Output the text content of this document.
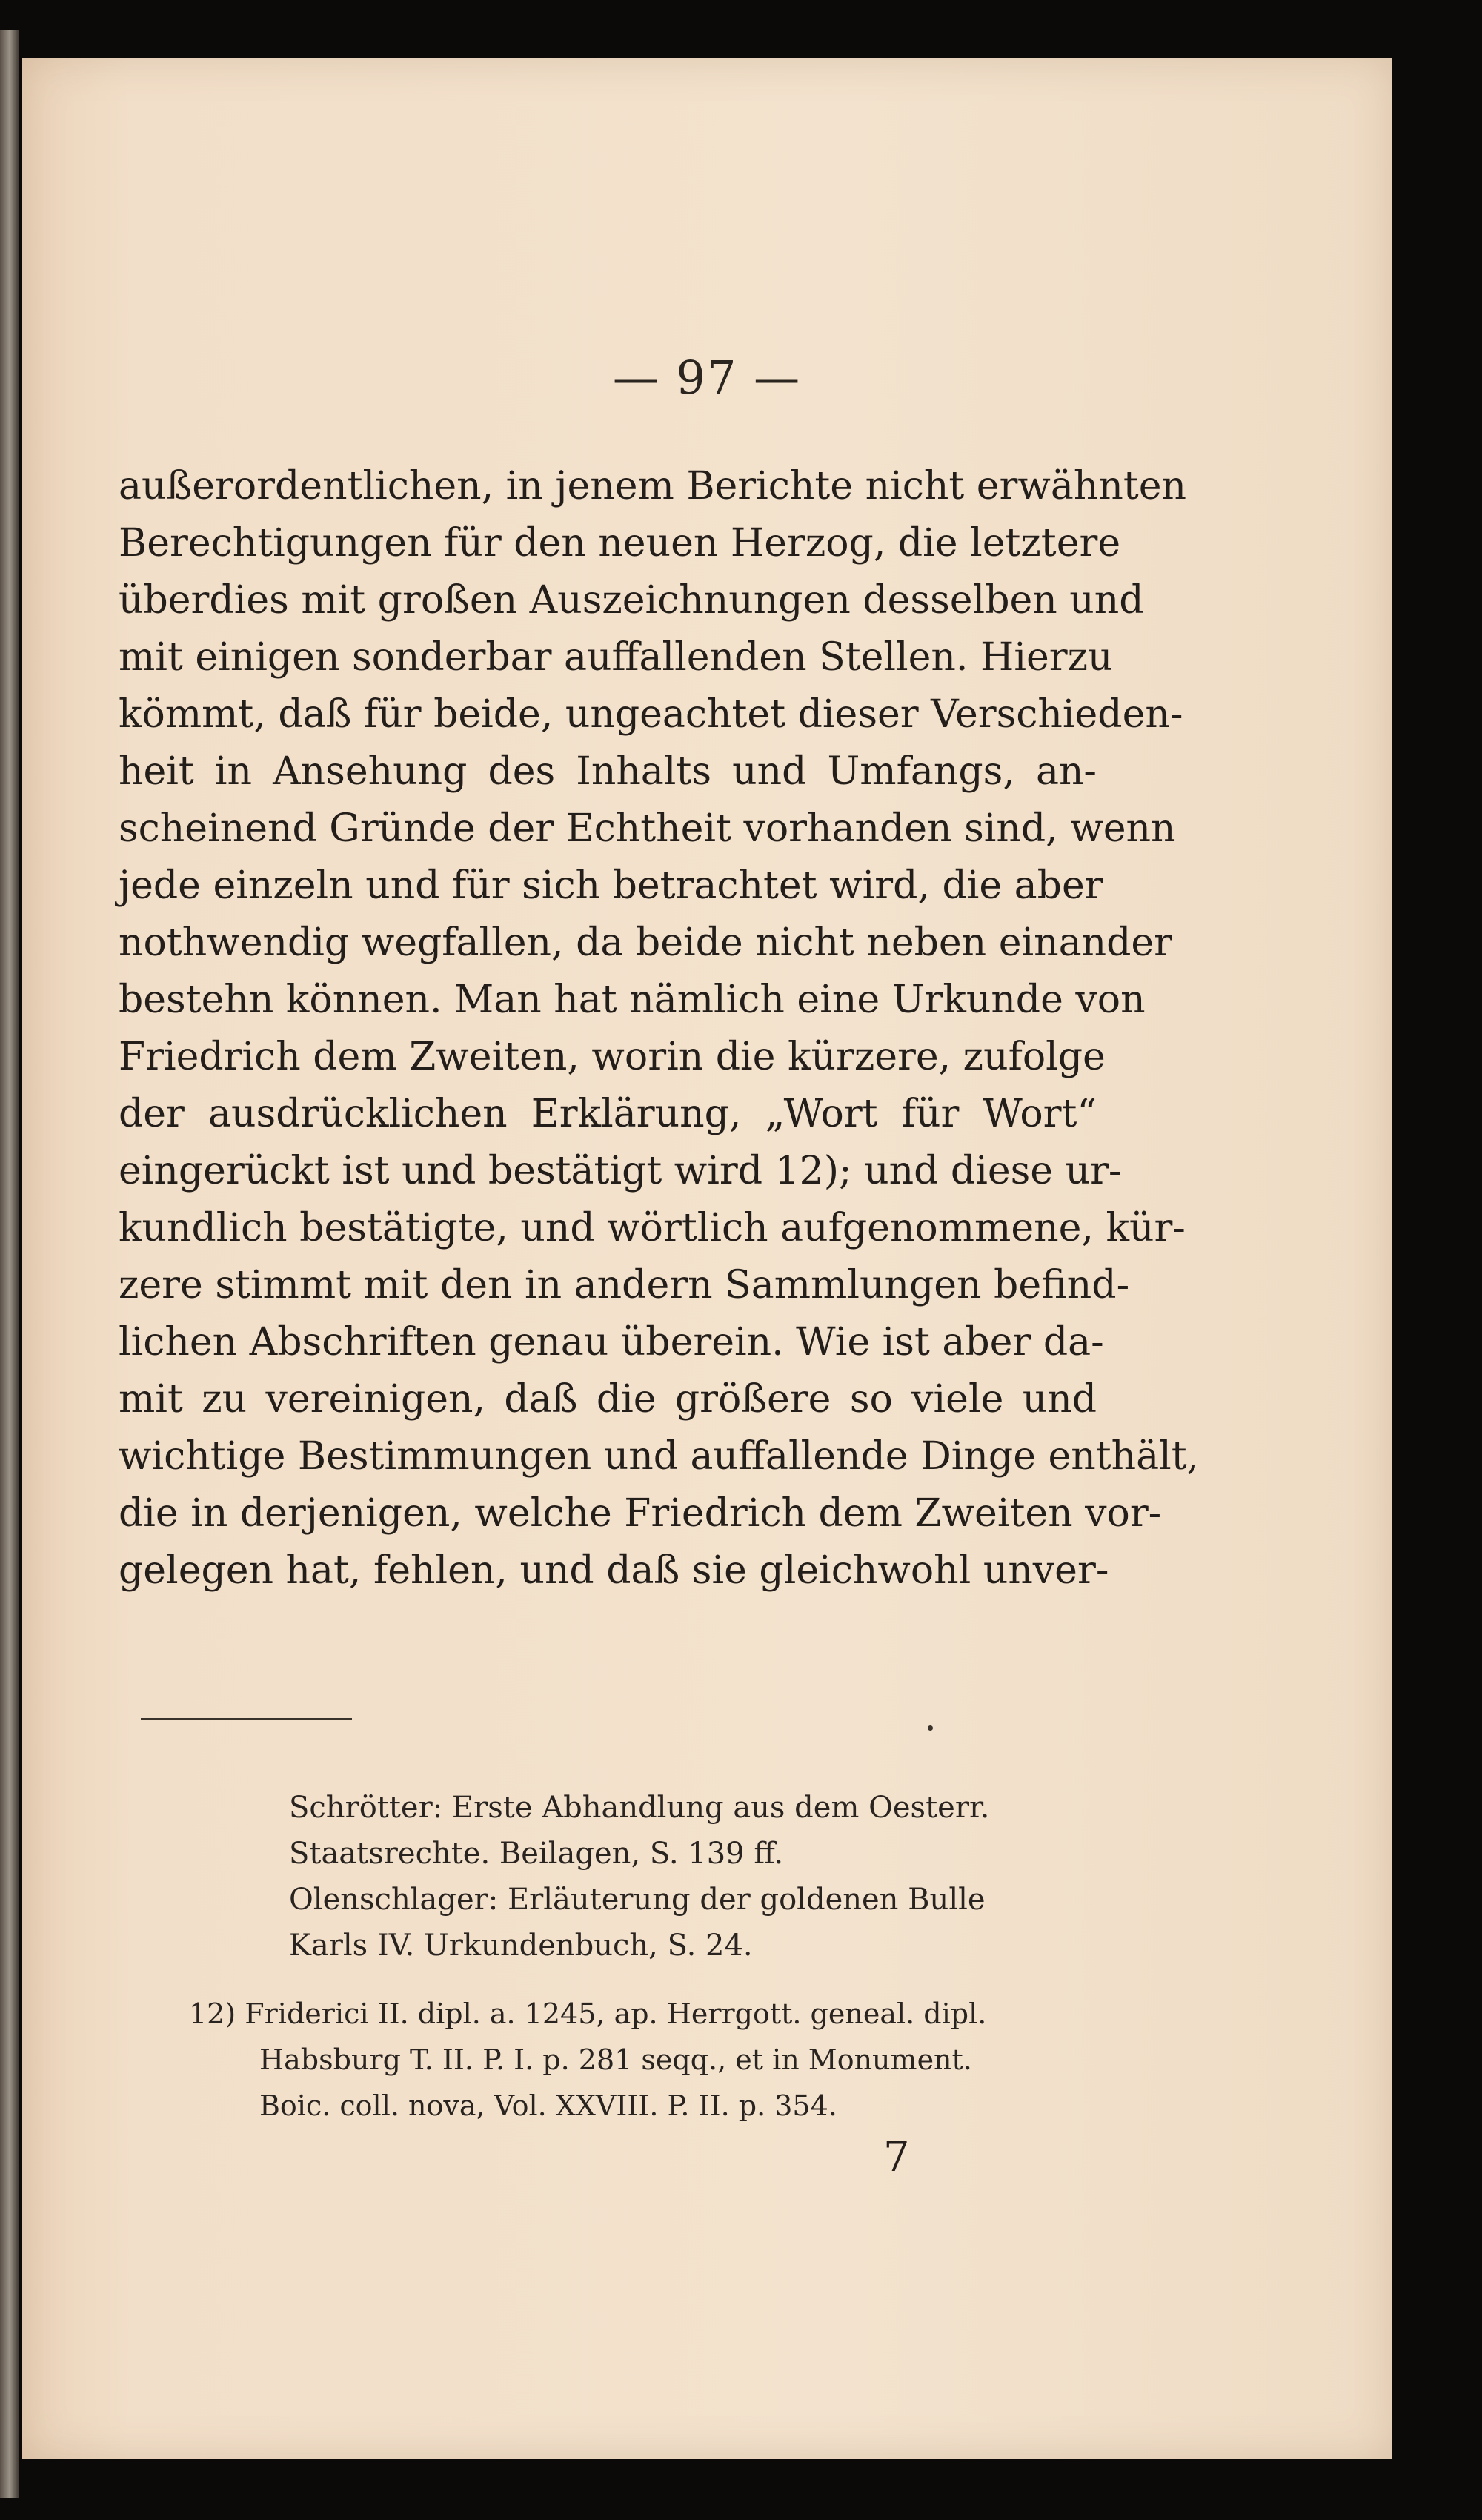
— 97 —
außerordentlichen, in jenem Berichte nicht erwähnten
Berechtigungen für den neuen Herzog, die letztere
überdies mit großen Auszeichnungen desselben und
mit einigen sonderbar auffallenden Stellen. Hierzu
kömmt, daß für beide, ungeachtet dieser Verschieden-
heit in Ansehung des Inhalts und Umfangs, an-
scheinend Gründe der Echtheit vorhanden sind, wenn
jede einzeln und für sich betrachtet wird, die aber
nothwendig wegfallen, da beide nicht neben einander
bestehn können. Man hat nämlich eine Urkunde von
Friedrich dem Zweiten, worin die kürzere, zufolge
der ausdrücklichen Erklärung, „Wort für Wort“
eingerückt ist und bestätigt wird 12); und diese ur-
kundlich bestätigte, und wörtlich aufgenommene, kür-
zere stimmt mit den in andern Sammlungen befind-
lichen Abschriften genau überein. Wie ist aber da-
mit zu vereinigen, daß die größere so viele und
wichtige Bestimmungen und auffallende Dinge enthält,
die in derjenigen, welche Friedrich dem Zweiten vor-
gelegen hat, fehlen, und daß sie gleichwohl unver-
Schrötter: Erste Abhandlung aus dem Oesterr.
Staatsrechte. Beilagen, S. 139 ff.
Olenschlager: Erläuterung der goldenen Bulle
Karls IV. Urkundenbuch, S. 24.
12) Friderici II. dipl. a. 1245, ap. Herrgott. geneal. dipl.
Habsburg T. II. P. I. p. 281 seqq., et in Monument.
Boic. coll. nova, Vol. XXVIII. P. II. p. 354.
7
